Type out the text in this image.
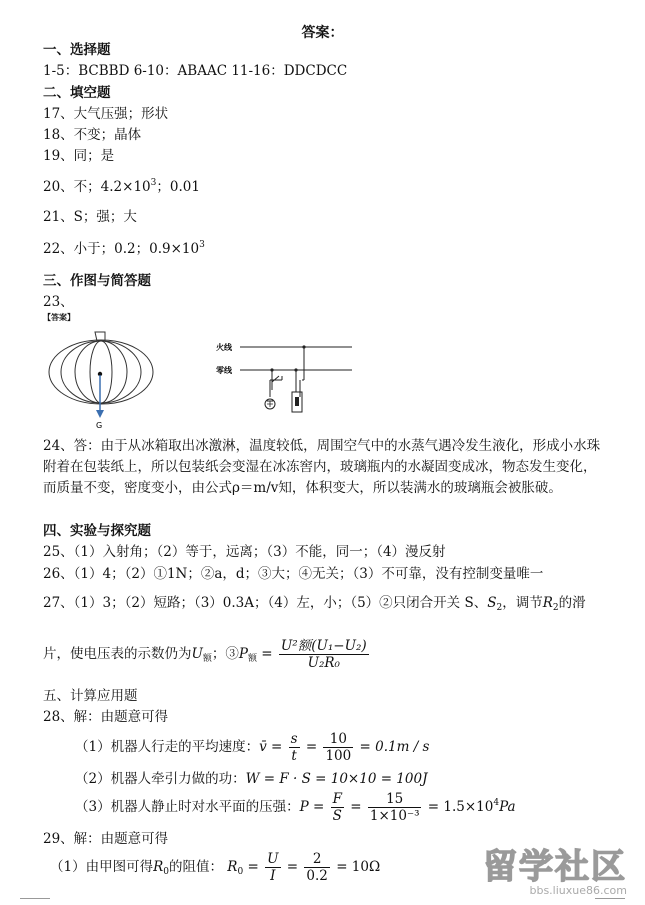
答案：
一、选择题
1-5：BCBBD 6-10：ABAAC 11-16：DDCDCC
二、填空题
17、大气压强；形状
18、不变；晶体
19、同；是
20、不；$4.2\times 10^3$；0.01
21、S；强；大
22、小于；0.2；$0.9\times 10^3$
三、作图与简答题
23、
【答案】
G
火线
零线
24、答：由于从冰箱取出冰激淋，温度较低，周围空气中的水蒸气遇冷发生液化，形成小水珠附着在包装纸上，所以包装纸会变湿在冰冻窖内，玻璃瓶内的水凝固变成冰，物态发生变化，而质量不变，密度变小，由公式ρ＝m/v知，体积变大，所以装满水的玻璃瓶会被胀破。
四、实验与探究题
25、（1）入射角；（2）等于，远离；（3）不能，同一；（4）漫反射
26、（1）4；（2）①1N；②a，d；③大；④无关；（3）不可靠，没有控制变量唯一
27、（1）3；（2）短路；（3）0.3A；（4）左，小；（5）②只闭合开关 S、$S_2$，调节$R_2$的滑
片，使电压表的示数仍为$U_额$；$③P_额 = \frac{\text{U²额(U₁−U₂)}}{\text{U₂R₀}}$
五、计算应用题
28、解：由题意可得
（1）机器人行走的平均速度：v̄ = $\frac{s}{t} = \frac{10}{100} = 0.1m / s$
（2）机器人牵引力做的功：W = F · S = 10×10 = 100J
（3）机器人静止时对水平面的压强：$P = \frac{F}{S} = \frac{15}{\text{1×10⁻³}} = 1.5\times 10^4Pa$
29、解：由题意可得
（1）由甲图可得$R_0$的阻值： $R_0 = \frac{U}{I} = \frac{2}{0.2} = 10\Omega$	留学社区
bbs.liuxue86.com
